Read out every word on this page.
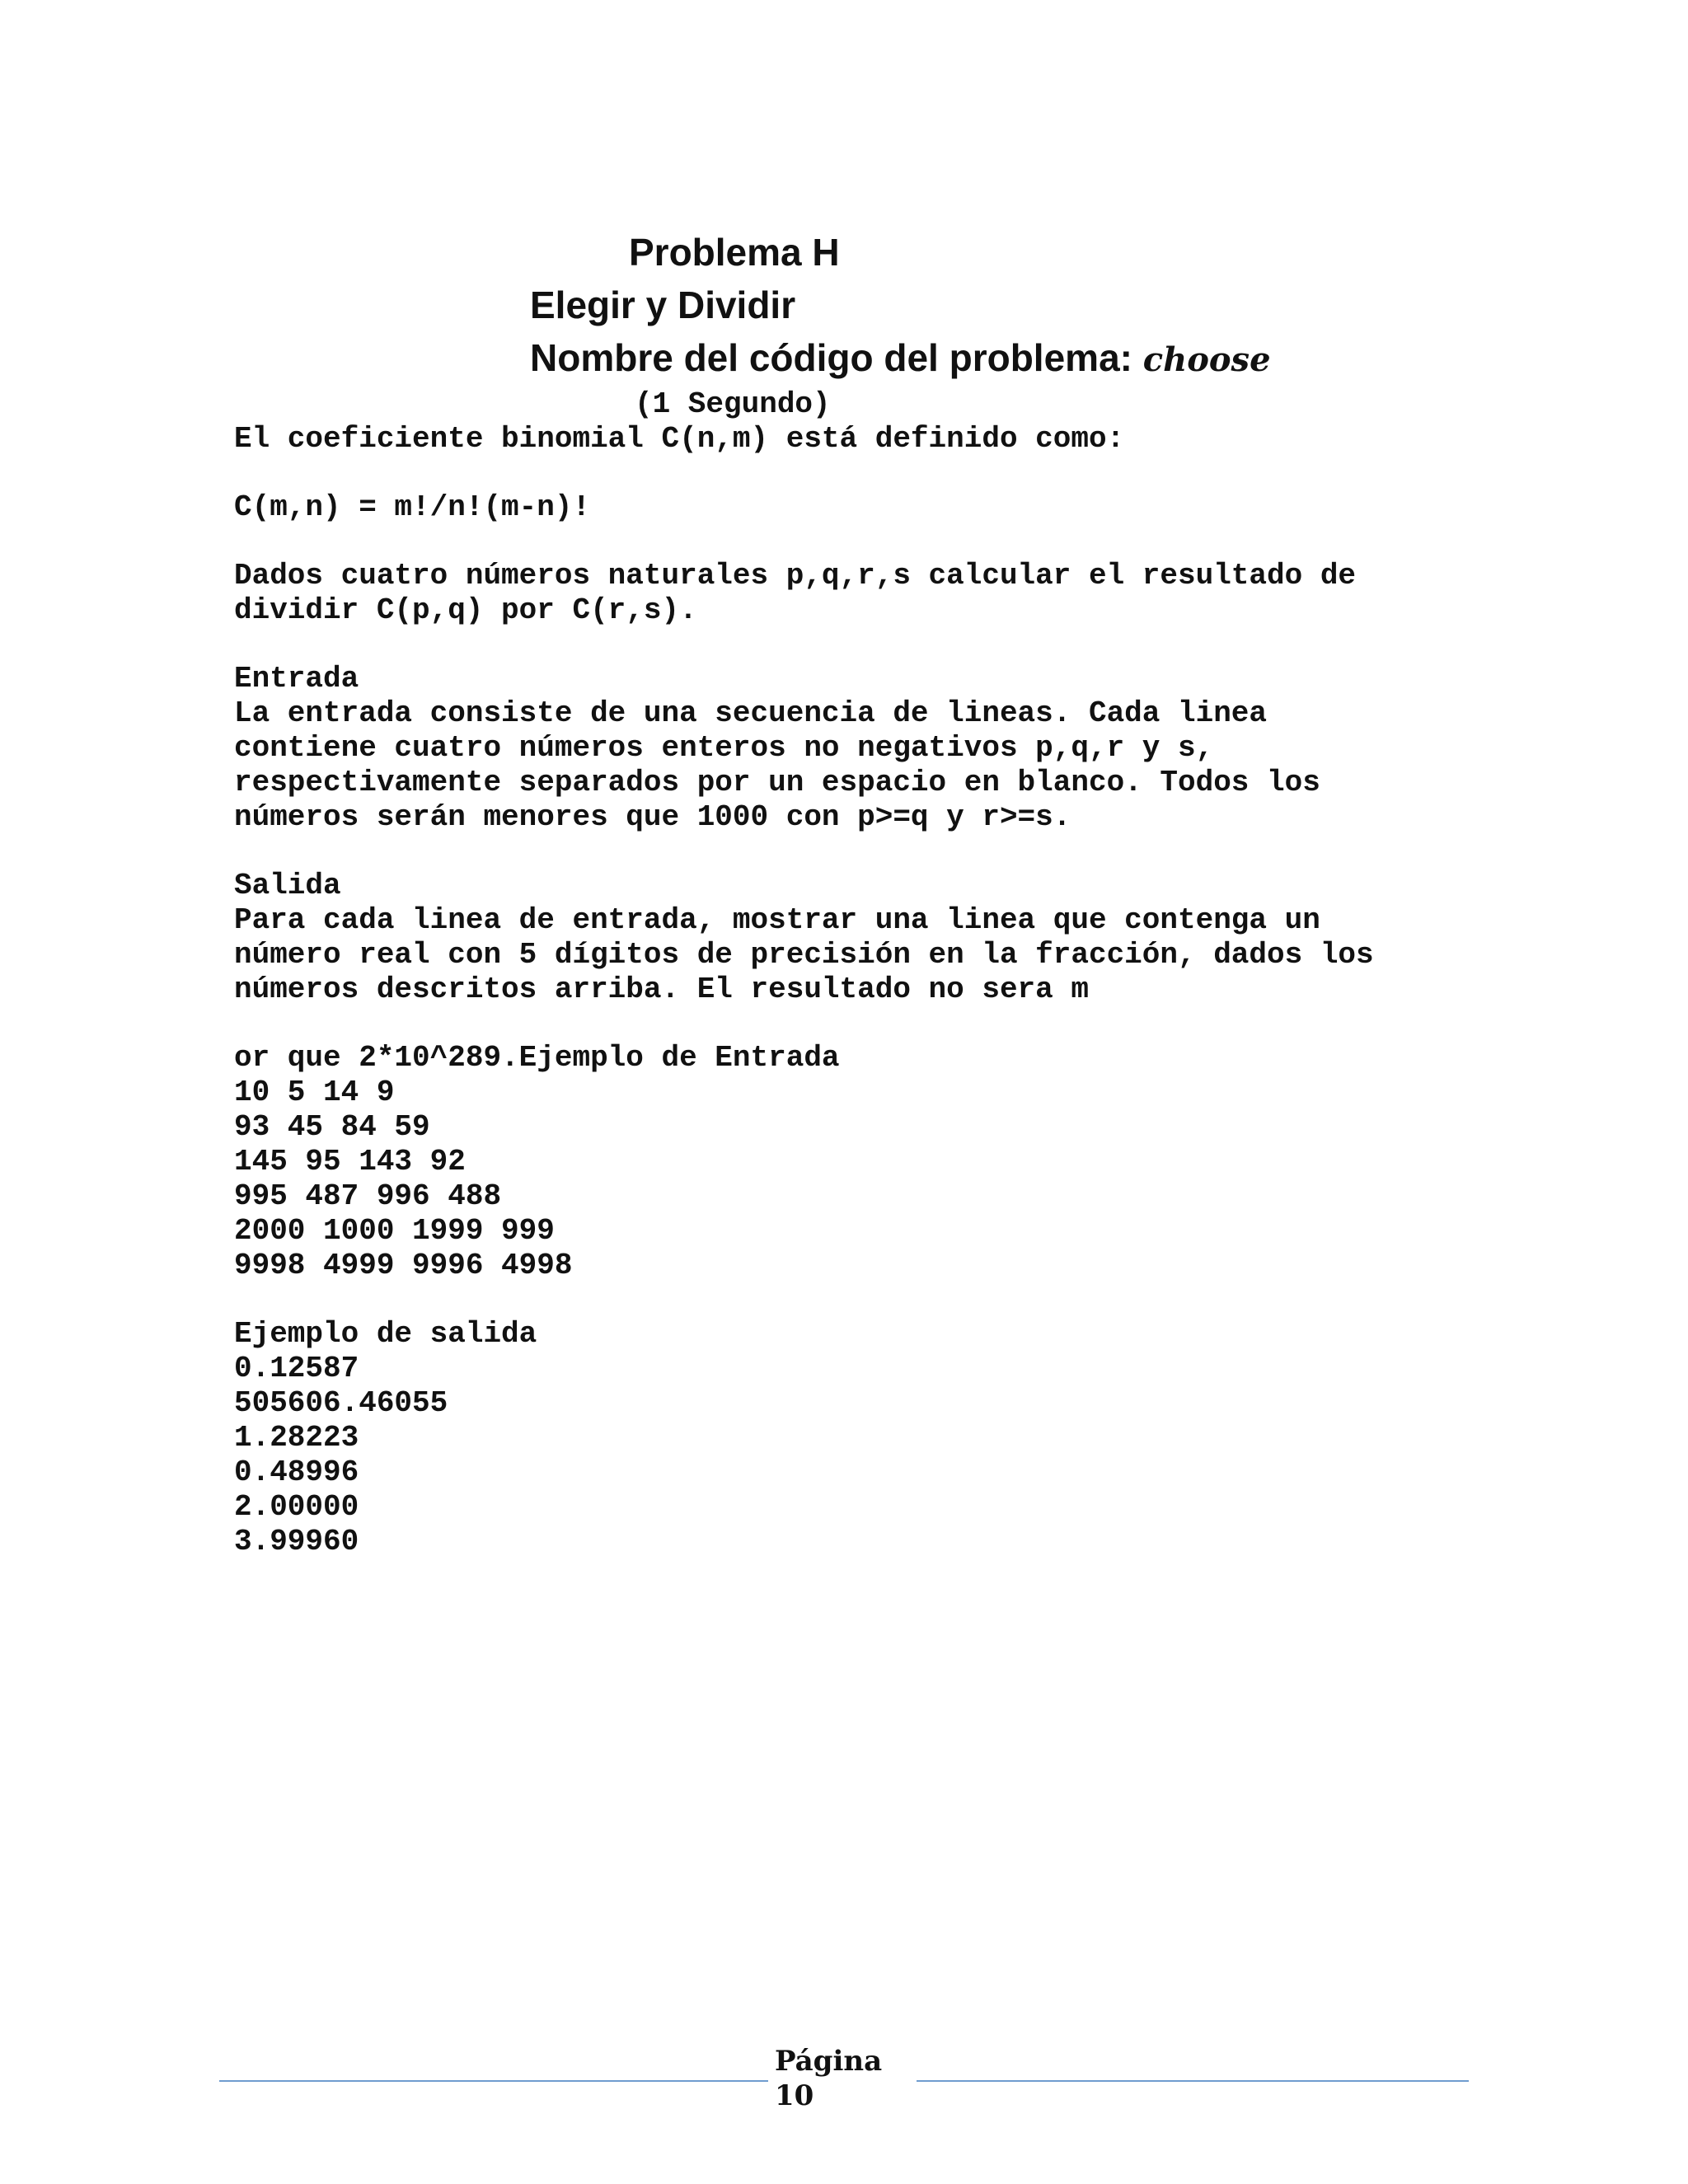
Problema H
Elegir y Dividir
Nombre del código del problema: choose
(1 Segundo)
El coeficiente binomial C(n,m) está definido como:
C(m,n) = m!/n!(m-n)!
Dados cuatro números naturales p,q,r,s calcular el resultado de
dividir C(p,q) por C(r,s).
Entrada
La entrada consiste de una secuencia de lineas. Cada linea
contiene cuatro números enteros no negativos p,q,r y s,
respectivamente separados por un espacio en blanco. Todos los
números serán menores que 1000 con p>=q y r>=s.
Salida
Para cada linea de entrada, mostrar una linea que contenga un
número real con 5 dígitos de precisión en la fracción, dados los
números descritos arriba. El resultado no sera m
or que 2*10^289.Ejemplo de Entrada
10 5 14 9
93 45 84 59
145 95 143 92
995 487 996 488
2000 1000 1999 999
9998 4999 9996 4998
Ejemplo de salida
0.12587
505606.46055
1.28223
0.48996
2.00000
3.99960
Página
10
